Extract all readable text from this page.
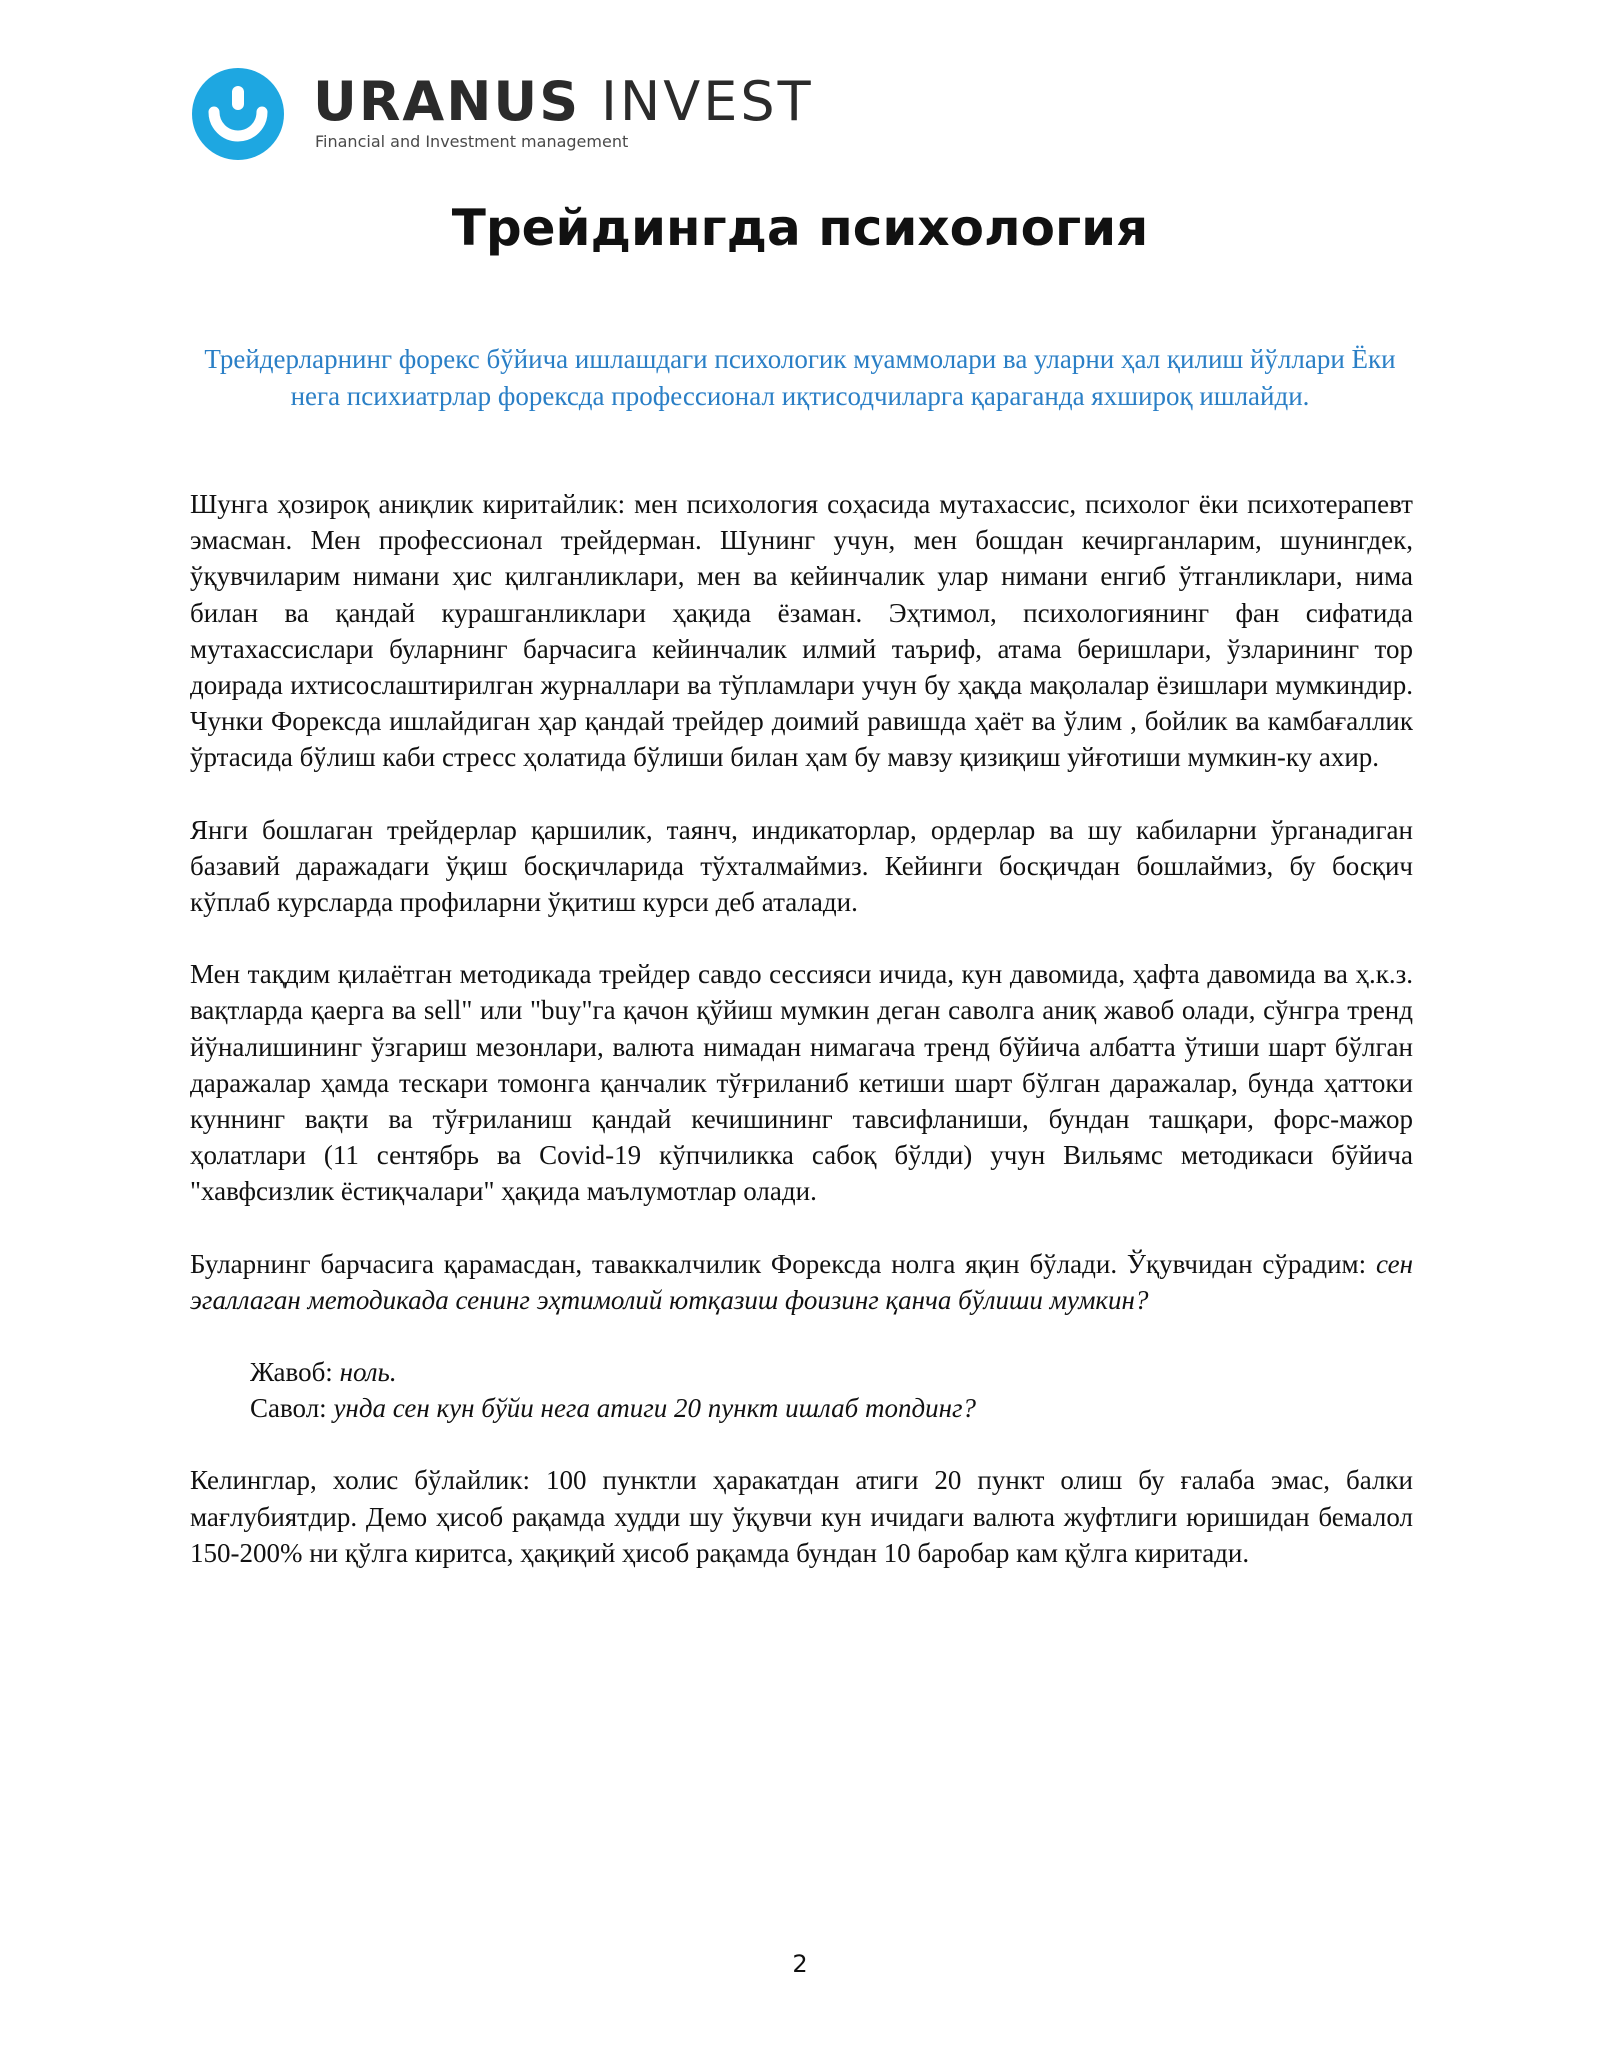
URANUS INVEST
Financial and Investment management
Трейдингда психология

Трейдерларнинг форекс бўйича ишлашдаги психологик муаммолари ва уларни ҳал қилиш йўллари Ёки нега психиатрлар форексда профессионал иқтисодчиларга қараганда яхшироқ ишлайди.

Шунга ҳозироқ аниқлик киритайлик: мен психология соҳасида мутахассис, психолог ёки психотерапевт эмасман. Мен профессионал трейдерман. Шунинг учун, мен бошдан кечирганларим, шунингдек, ўқувчиларим нимани ҳис қилганликлари, мен ва кейинчалик улар нимани енгиб ўтганликлари, нима билан ва қандай курашганликлари ҳақида ёзаман. Эҳтимол, психологиянинг фан сифатида мутахассислари буларнинг барчасига кейинчалик илмий таъриф, атама беришлари, ўзларининг тор доирада ихтисослаштирилган журналлари ва тўпламлари учун бу ҳақда мақолалар ёзишлари мумкиндир. Чунки Форексда ишлайдиган ҳар қандай трейдер доимий равишда ҳаёт ва ўлим , бойлик ва камбағаллик ўртасида бўлиш каби стресс ҳолатида бўлиши билан ҳам бу мавзу қизиқиш уйғотиши мумкин-ку ахир.

Янги бошлаган трейдерлар қаршилик, таянч, индикаторлар, ордерлар ва шу кабиларни ўрганадиган базавий даражадаги ўқиш босқичларида тўхталмаймиз. Кейинги босқичдан бошлаймиз, бу босқич кўплаб курсларда профиларни ўқитиш курси деб аталади.

Мен тақдим қилаётган методикада трейдер савдо сессияси ичида, кун давомида, ҳафта давомида ва ҳ.к.з. вақтларда қаерга ва sell" или "buy"га қачон қўйиш мумкин деган саволга аниқ жавоб олади, сўнгра тренд йўналишининг ўзгариш мезонлари, валюта нимадан нимагача тренд бўйича албатта ўтиши шарт бўлган даражалар ҳамда тескари томонга қанчалик тўғриланиб кетиши шарт бўлган даражалар, бунда ҳаттоки куннинг вақти ва тўғриланиш қандай кечишининг тавсифланиши, бундан ташқари, форс-мажор ҳолатлари (11 сентябрь ва Covid-19 кўпчиликка сабоқ бўлди) учун Вильямс методикаси бўйича "хавфсизлик ёстиқчалари" ҳақида маълумотлар олади.

Буларнинг барчасига қарамасдан, таваккалчилик Форексда нолга яқин бўлади. Ўқувчидан сўрадим: сен эгаллаган методикада сенинг эҳтимолий ютқазиш фоизинг қанча бўлиши мумкин?

Жавоб: ноль.
Савол: унда сен кун бўйи нега атиги 20 пункт ишлаб топдинг?

Келинглар, холис бўлайлик: 100 пунктли ҳаракатдан атиги 20 пункт олиш бу ғалаба эмас, балки мағлубиятдир. Демо ҳисоб рақамда худди шу ўқувчи кун ичидаги валюта жуфтлиги юришидан бемалол 150-200% ни қўлга киритса, ҳақиқий ҳисоб рақамда бундан 10 баробар кам қўлга киритади.

2
